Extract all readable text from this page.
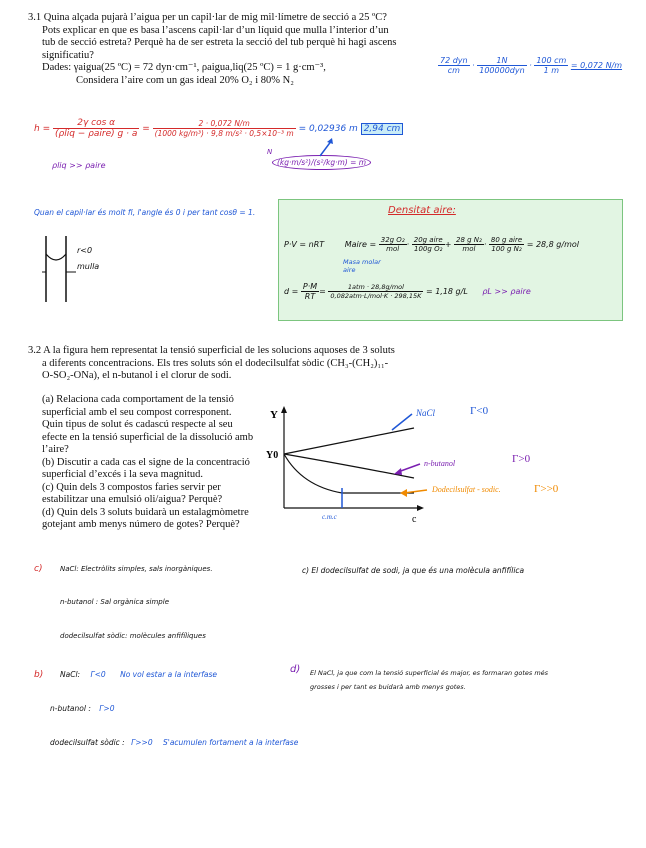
3.1 Quina alçada pujarà l’aigua per un capil·lar de mig mil·límetre de secció a 25 ºC?
Pots explicar en que es basa l’ascens capil·lar d’un líquid que mulla l’interior d’un
tub de secció estreta? Perquè ha de ser estreta la secció del tub perquè hi hagi ascens
significatiu?
Dades: γaigua(25 ºC) = 72 dyn·cm⁻¹, ρaigua,liq(25 ºC) = 1 g·cm⁻³,
Considera l’aire com un gas ideal 20% O₂ i 80% N₂
$\frac{\text{72 dyn}}{cm} \cdot \frac{1N}{\text{100000dyn}} \cdot \frac{100 cm}{1 m} = 0,072$ N/m
$h = \frac{\text{2γ cos α}}{\text{(ρliq − ρaire) g · a}} = \frac{2 \cdot 0,072 N/m}{\text{(1000 kg/m³) · 9,8 m/s² · 0,5×10⁻³ m}} = 0,02936$ m 2,94 cm
ρliq >> ρaire
N
(kg·m/s²)/(s²/kg·m) = m
Quan el capil·lar és molt fi, l'angle és 0 i per tant cosθ = 1.
r<0
mulla
Densitat aire:
P·V = nRT	Maire = $\frac{\text{32g O₂}}{\text{mol}} \cdot \frac{\text{20g aire}}{\text{100g O₂}} + \frac{\text{28 g N₂}}{\text{mol}} \cdot \frac{\text{80 g aire}}{\text{100 g N₂}} = 28,8$ g/mol
Masa molar aire
$d = \frac{P\cdot M}{RT} = \frac{\text{1atm · 28,8g/mol}}{\text{0,082atm·L/mol·K · 298,15K}} = 1,18$ g/L ρL >> ρaire
3.2 A la figura hem representat la tensió superficial de les solucions aquoses de 3 soluts
a diferents concentracions. Els tres soluts són el dodecilsulfat sòdic (CH₃-(CH₂)₁₁-
O-SO₂-ONa), el n-butanol i el clorur de sodi.
(a) Relaciona cada comportament de la tensió
superficial amb el seu compost corresponent.
Quin tipus de solut és cadascú respecte al seu
efecte en la tensió superficial de la dissolució amb
l’aire?
(b) Discutir a cada cas el signe de la concentració
superficial d’excés i la seva magnitud.
(c) Quin dels 3 compostos faries servir per
estabilitzar una emulsió oli/aigua? Perquè?
(d) Quin dels 3 soluts buidarà un estalagmòmetre
gotejant amb menys número de gotes? Perquè?
Y
Y0
c
c.m.c
NaCl	Γ<0
n-butanol	Γ>0
Dodecilsulfat - sodic.	Γ>>0
c)	NaCl: Electròlits simples, sals inorgàniques.
n-butanol : Sal orgànica simple
dodecilsulfat sòdic: molècules anfifíliques
c) El dodecilsulfat de sodi, ja que és una molècula anfifílica
b) NaCl: Γ<0 No vol estar a la interfase
n-butanol : Γ>0
dodecilsulfat sòdic : Γ>>0 S'acumulen fortament a la interfase
d) El NaCl, ja que com la tensió superficial és major, es formaran gotes més
grosses i per tant es buidarà amb menys gotes.
